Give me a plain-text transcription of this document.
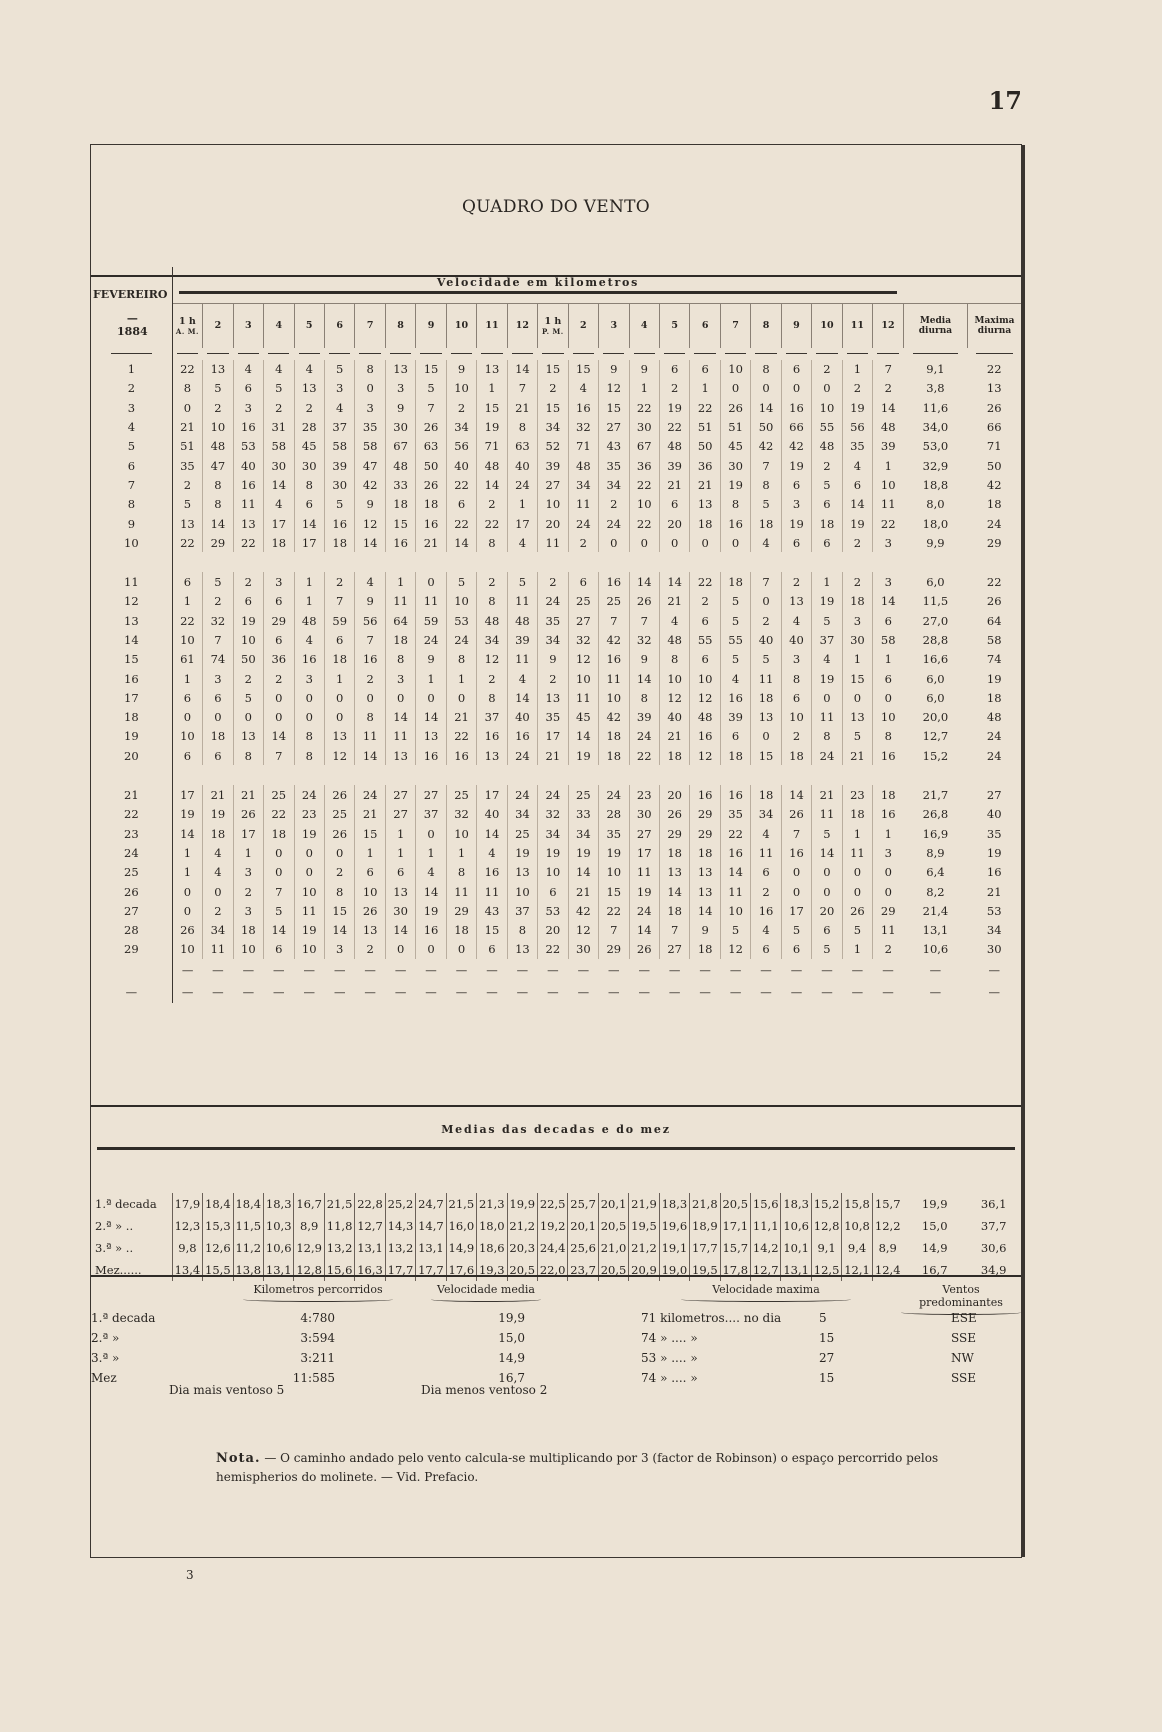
17
QUADRO DO VENTO
FEVEREIRO	Velocidade em kilometros																							

—
1884	1 h
A. M.	2	3	4	5	6	7	8	9	10	11	12	1 h
P. M.	2	3	4	5	6	7	8	9	10	11	12	Media diurna	Maxima diurna

1	22	13	4	4	4	5	8	13	15	9	13	14	15	15	9	9	6	6	10	8	6	2	1	7	9,1	22
2	8	5	6	5	13	3	0	3	5	10	1	7	2	4	12	1	2	1	0	0	0	0	2	2	3,8	13
3	0	2	3	2	2	4	3	9	7	2	15	21	15	16	15	22	19	22	26	14	16	10	19	14	11,6	26
4	21	10	16	31	28	37	35	30	26	34	19	8	34	32	27	30	22	51	51	50	66	55	56	48	34,0	66
5	51	48	53	58	45	58	58	67	63	56	71	63	52	71	43	67	48	50	45	42	42	48	35	39	53,0	71
6	35	47	40	30	30	39	47	48	50	40	48	40	39	48	35	36	39	36	30	7	19	2	4	1	32,9	50
7	2	8	16	14	8	30	42	33	26	22	14	24	27	34	34	22	21	21	19	8	6	5	6	10	18,8	42
8	5	8	11	4	6	5	9	18	18	6	2	1	10	11	2	10	6	13	8	5	3	6	14	11	8,0	18
9	13	14	13	17	14	16	12	15	16	22	22	17	20	24	24	22	20	18	16	18	19	18	19	22	18,0	24
10	22	29	22	18	17	18	14	16	21	14	8	4	11	2	0	0	0	0	0	4	6	6	2	3	9,9	29

11	6	5	2	3	1	2	4	1	0	5	2	5	2	6	16	14	14	22	18	7	2	1	2	3	6,0	22
12	1	2	6	6	1	7	9	11	11	10	8	11	24	25	25	26	21	2	5	0	13	19	18	14	11,5	26
13	22	32	19	29	48	59	56	64	59	53	48	48	35	27	7	7	4	6	5	2	4	5	3	6	27,0	64
14	10	7	10	6	4	6	7	18	24	24	34	39	34	32	42	32	48	55	55	40	40	37	30	58	28,8	58
15	61	74	50	36	16	18	16	8	9	8	12	11	9	12	16	9	8	6	5	5	3	4	1	1	16,6	74
16	1	3	2	2	3	1	2	3	1	1	2	4	2	10	11	14	10	10	4	11	8	19	15	6	6,0	19
17	6	6	5	0	0	0	0	0	0	0	8	14	13	11	10	8	12	12	16	18	6	0	0	0	6,0	18
18	0	0	0	0	0	0	8	14	14	21	37	40	35	45	42	39	40	48	39	13	10	11	13	10	20,0	48
19	10	18	13	14	8	13	11	11	13	22	16	16	17	14	18	24	21	16	6	0	2	8	5	8	12,7	24
20	6	6	8	7	8	12	14	13	16	16	13	24	21	19	18	22	18	12	18	15	18	24	21	16	15,2	24

21	17	21	21	25	24	26	24	27	27	25	17	24	24	25	24	23	20	16	16	18	14	21	23	18	21,7	27
22	19	19	26	22	23	25	21	27	37	32	40	34	32	33	28	30	26	29	35	34	26	11	18	16	26,8	40
23	14	18	17	18	19	26	15	1	0	10	14	25	34	34	35	27	29	29	22	4	7	5	1	1	16,9	35
24	1	4	1	0	0	0	1	1	1	1	4	19	19	19	19	17	18	18	16	11	16	14	11	3	8,9	19
25	1	4	3	0	0	2	6	6	4	8	16	13	10	14	10	11	13	13	14	6	0	0	0	0	6,4	16
26	0	0	2	7	10	8	10	13	14	11	11	10	6	21	15	19	14	13	11	2	0	0	0	0	8,2	21
27	0	2	3	5	11	15	26	30	19	29	43	37	53	42	22	24	18	14	10	16	17	20	26	29	21,4	53
28	26	34	18	14	19	14	13	14	16	18	15	8	20	12	7	14	7	9	5	4	5	6	5	11	13,1	34
29	10	11	10	6	10	3	2	0	0	0	6	13	22	30	29	26	27	18	12	6	6	5	1	2	10,6	30
	—	—	—	—	—	—	—	—	—	—	—	—	—	—	—	—	—	—	—	—	—	—	—	—	—	—
—	—	—	—	—	—	—	—	—	—	—	—	—	—	—	—	—	—	—	—	—	—	—	—	—	—	—
Medias das decadas e do mez
1.ª decada	17,9	18,4	18,4	18,3	16,7	21,5	22,8	25,2	24,7	21,5	21,3	19,9	22,5	25,7	20,1	21,9	18,3	21,8	20,5	15,6	18,3	15,2	15,8	15,7	19,9	36,1
2.ª » ..	12,3	15,3	11,5	10,3	8,9	11,8	12,7	14,3	14,7	16,0	18,0	21,2	19,2	20,1	20,5	19,5	19,6	18,9	17,1	11,1	10,6	12,8	10,8	12,2	15,0	37,7
3.ª » ..	9,8	12,6	11,2	10,6	12,9	13,2	13,1	13,2	13,1	14,9	18,6	20,3	24,4	25,6	21,0	21,2	19,1	17,7	15,7	14,2	10,1	9,1	9,4	8,9	14,9	30,6
Mez......	13,4	15,5	13,8	13,1	12,8	15,6	16,3	17,7	17,7	17,6	19,3	20,5	22,0	23,7	20,5	20,9	19,0	19,5	17,8	12,7	13,1	12,5	12,1	12,4	16,7	34,9
Kilometros percorridos	Velocidade media	Velocidade maxima	Ventos predominantes
1.ª decada	4:780	19,9	71 kilometros.... no dia	5	ESE
2.ª »	3:594	15,0	74 » .... »	15	SSE
3.ª »	3:211	14,9	53 » .... »	27	NW
Mez	11:585	16,7	74 » .... »	15	SSE
Dia mais ventoso 5	Dia menos ventoso 2
Nota. — O caminho andado pelo vento calcula-se multiplicando por 3 (factor de Robinson) o espaço percorrido pelos hemispherios do molinete. — Vid. Prefacio.
3
